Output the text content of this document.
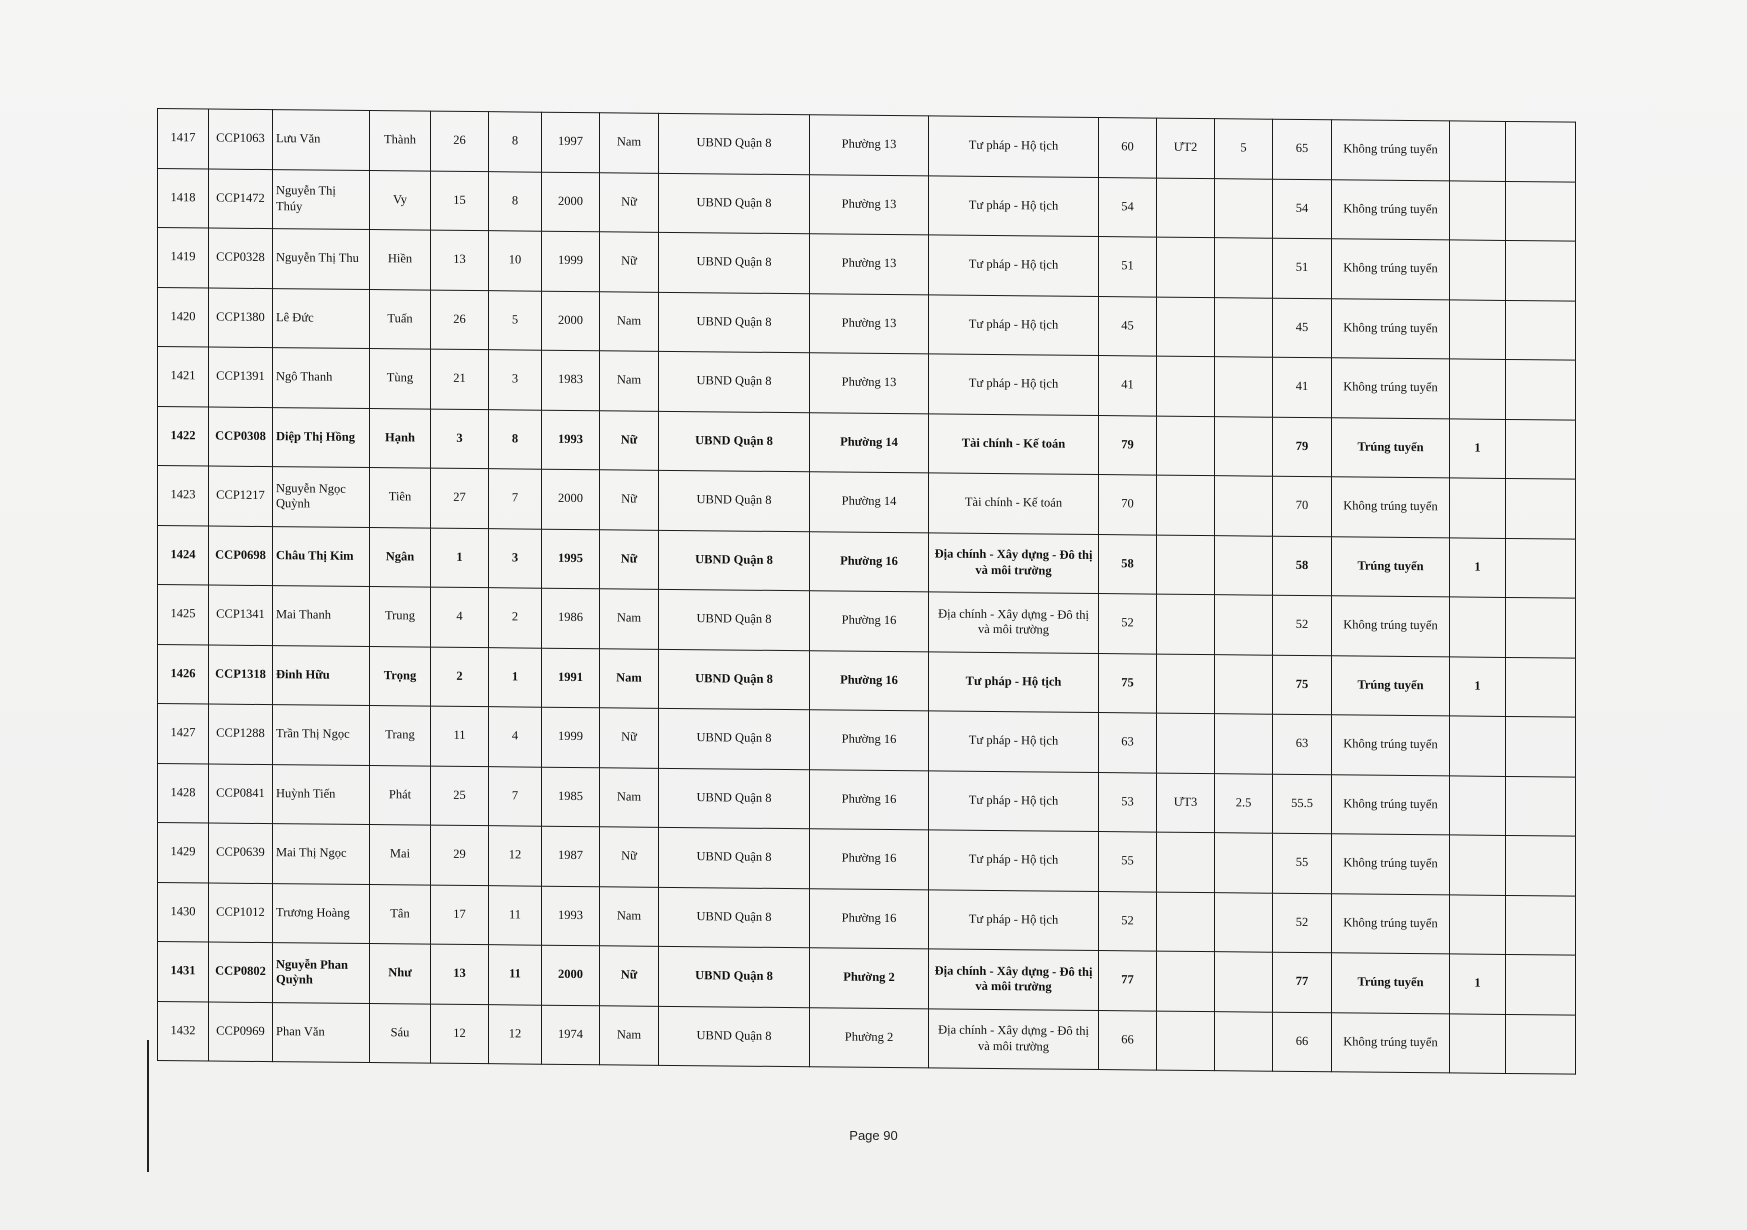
1417	CCP1063	Lưu Văn	Thành	26	8	1997	Nam	UBND Quận 8	Phường 13	Tư pháp - Hộ tịch	60	ƯT2	5	65	Không trúng tuyển		
1418	CCP1472	Nguyễn Thị Thúy	Vy	15	8	2000	Nữ	UBND Quận 8	Phường 13	Tư pháp - Hộ tịch	54			54	Không trúng tuyển		
1419	CCP0328	Nguyễn Thị Thu	Hiền	13	10	1999	Nữ	UBND Quận 8	Phường 13	Tư pháp - Hộ tịch	51			51	Không trúng tuyển		
1420	CCP1380	Lê Đức	Tuấn	26	5	2000	Nam	UBND Quận 8	Phường 13	Tư pháp - Hộ tịch	45			45	Không trúng tuyển		
1421	CCP1391	Ngô Thanh	Tùng	21	3	1983	Nam	UBND Quận 8	Phường 13	Tư pháp - Hộ tịch	41			41	Không trúng tuyển		
1422	CCP0308	Diệp Thị Hồng	Hạnh	3	8	1993	Nữ	UBND Quận 8	Phường 14	Tài chính - Kế toán	79			79	Trúng tuyển	1	
1423	CCP1217	Nguyễn Ngọc Quỳnh	Tiên	27	7	2000	Nữ	UBND Quận 8	Phường 14	Tài chính - Kế toán	70			70	Không trúng tuyển		
1424	CCP0698	Châu Thị Kim	Ngân	1	3	1995	Nữ	UBND Quận 8	Phường 16	Địa chính - Xây dựng - Đô thị và môi trường	58			58	Trúng tuyển	1	
1425	CCP1341	Mai Thanh	Trung	4	2	1986	Nam	UBND Quận 8	Phường 16	Địa chính - Xây dựng - Đô thị và môi trường	52			52	Không trúng tuyển		
1426	CCP1318	Đinh Hữu	Trọng	2	1	1991	Nam	UBND Quận 8	Phường 16	Tư pháp - Hộ tịch	75			75	Trúng tuyển	1	
1427	CCP1288	Trần Thị Ngọc	Trang	11	4	1999	Nữ	UBND Quận 8	Phường 16	Tư pháp - Hộ tịch	63			63	Không trúng tuyển		
1428	CCP0841	Huỳnh Tiến	Phát	25	7	1985	Nam	UBND Quận 8	Phường 16	Tư pháp - Hộ tịch	53	ƯT3	2.5	55.5	Không trúng tuyển		
1429	CCP0639	Mai Thị Ngọc	Mai	29	12	1987	Nữ	UBND Quận 8	Phường 16	Tư pháp - Hộ tịch	55			55	Không trúng tuyển		
1430	CCP1012	Trương Hoàng	Tân	17	11	1993	Nam	UBND Quận 8	Phường 16	Tư pháp - Hộ tịch	52			52	Không trúng tuyển		
1431	CCP0802	Nguyễn Phan Quỳnh	Như	13	11	2000	Nữ	UBND Quận 8	Phường 2	Địa chính - Xây dựng - Đô thị và môi trường	77			77	Trúng tuyển	1	
1432	CCP0969	Phan Văn	Sáu	12	12	1974	Nam	UBND Quận 8	Phường 2	Địa chính - Xây dựng - Đô thị và môi trường	66			66	Không trúng tuyển		
Page 90
